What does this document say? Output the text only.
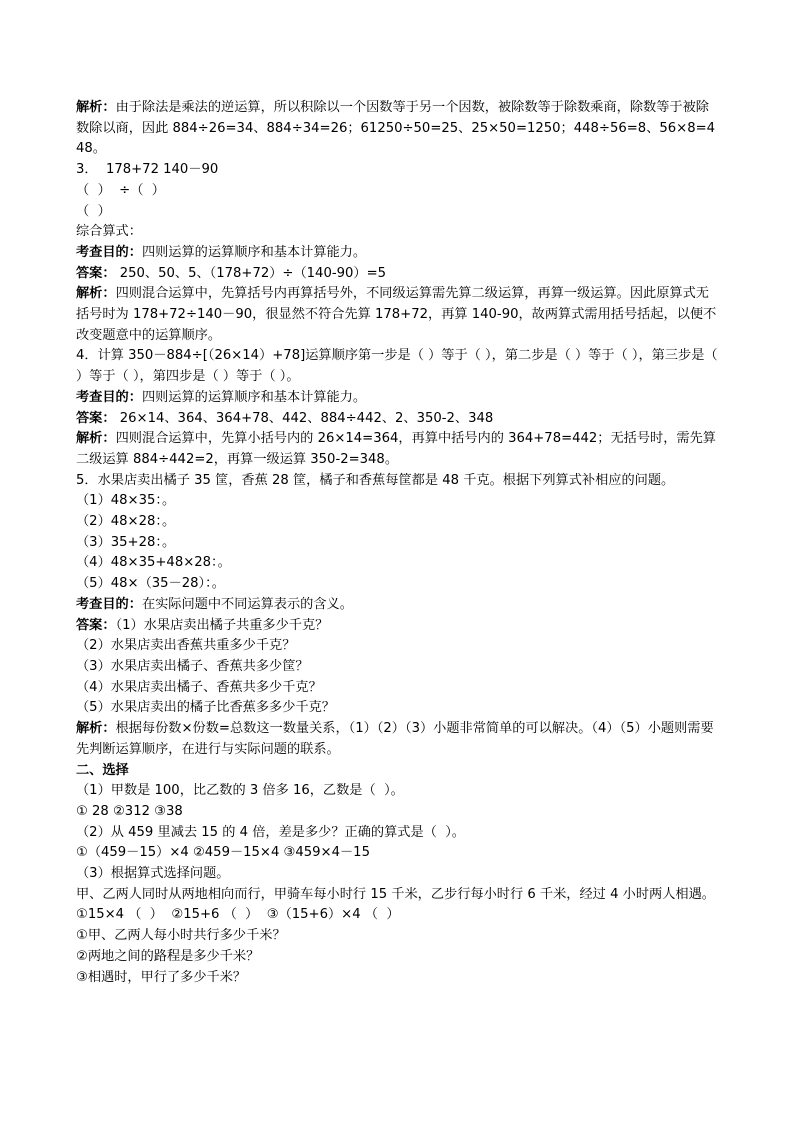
解析：由于除法是乘法的逆运算，所以积除以一个因数等于另一个因数，被除数等于除数乘商，除数等于被除数除以商，因此 884÷26=34、884÷34=26；61250÷50=25、25×50=1250；448÷56=8、56×8=448。

3．  178+72 140－90

（  ）  ÷（  ）

（  ）

综合算式：

考查目的：四则运算的运算顺序和基本计算能力。

答案： 250、50、5、（178+72）÷（140-90）=5

解析：四则混合运算中，先算括号内再算括号外，不同级运算需先算二级运算，再算一级运算。因此原算式无括号时为 178+72÷140－90，很显然不符合先算 178+72，再算 140-90，故两算式需用括号括起，以便不改变题意中的运算顺序。

4．计算 350－884÷[（26×14）+78]运算顺序第一步是（ ）等于（ ），第二步是（ ）等于（ ），第三步是（ ）等于（ ），第四步是（ ）等于（ ）。

考查目的：四则运算的运算顺序和基本计算能力。

答案： 26×14、364、364+78、442、884÷442、2、350-2、348

解析：四则混合运算中，先算小括号内的 26×14=364，再算中括号内的 364+78=442；无括号时，需先算二级运算 884÷442=2，再算一级运算 350-2=348。

5．水果店卖出橘子 35 筐，香蕉 28 筐，橘子和香蕉每筐都是 48 千克。根据下列算式补相应的问题。

（1）48×35：。

（2）48×28：。

（3）35+28：。

（4）48×35+48×28：。

（5）48×（35－28）：。

考查目的：在实际问题中不同运算表示的含义。

答案：（1）水果店卖出橘子共重多少千克？

（2）水果店卖出香蕉共重多少千克？

（3）水果店卖出橘子、香蕉共多少筐？

（4）水果店卖出橘子、香蕉共多少千克？

（5）水果店卖出的橘子比香蕉多多少千克？

解析：根据每份数×份数=总数这一数量关系，（1）（2）（3）小题非常简单的可以解决。（4）（5）小题则需要先判断运算顺序，在进行与实际问题的联系。

二、选择

（1）甲数是 100，比乙数的 3 倍多 16，乙数是（  ）。

① 28 ②312 ③38

（2）从 459 里减去 15 的 4 倍，差是多少？正确的算式是（  ）。

①（459－15）×4 ②459－15×4 ③459×4－15

（3）根据算式选择问题。

甲、乙两人同时从两地相向而行，甲骑车每小时行 15 千米，乙步行每小时行 6 千米，经过 4 小时两人相遇。

①15×4 （  ）  ②15+6 （  ）  ③（15+6）×4 （  ）

①甲、乙两人每小时共行多少千米？

②两地之间的路程是多少千米？

③相遇时，甲行了多少千米？
